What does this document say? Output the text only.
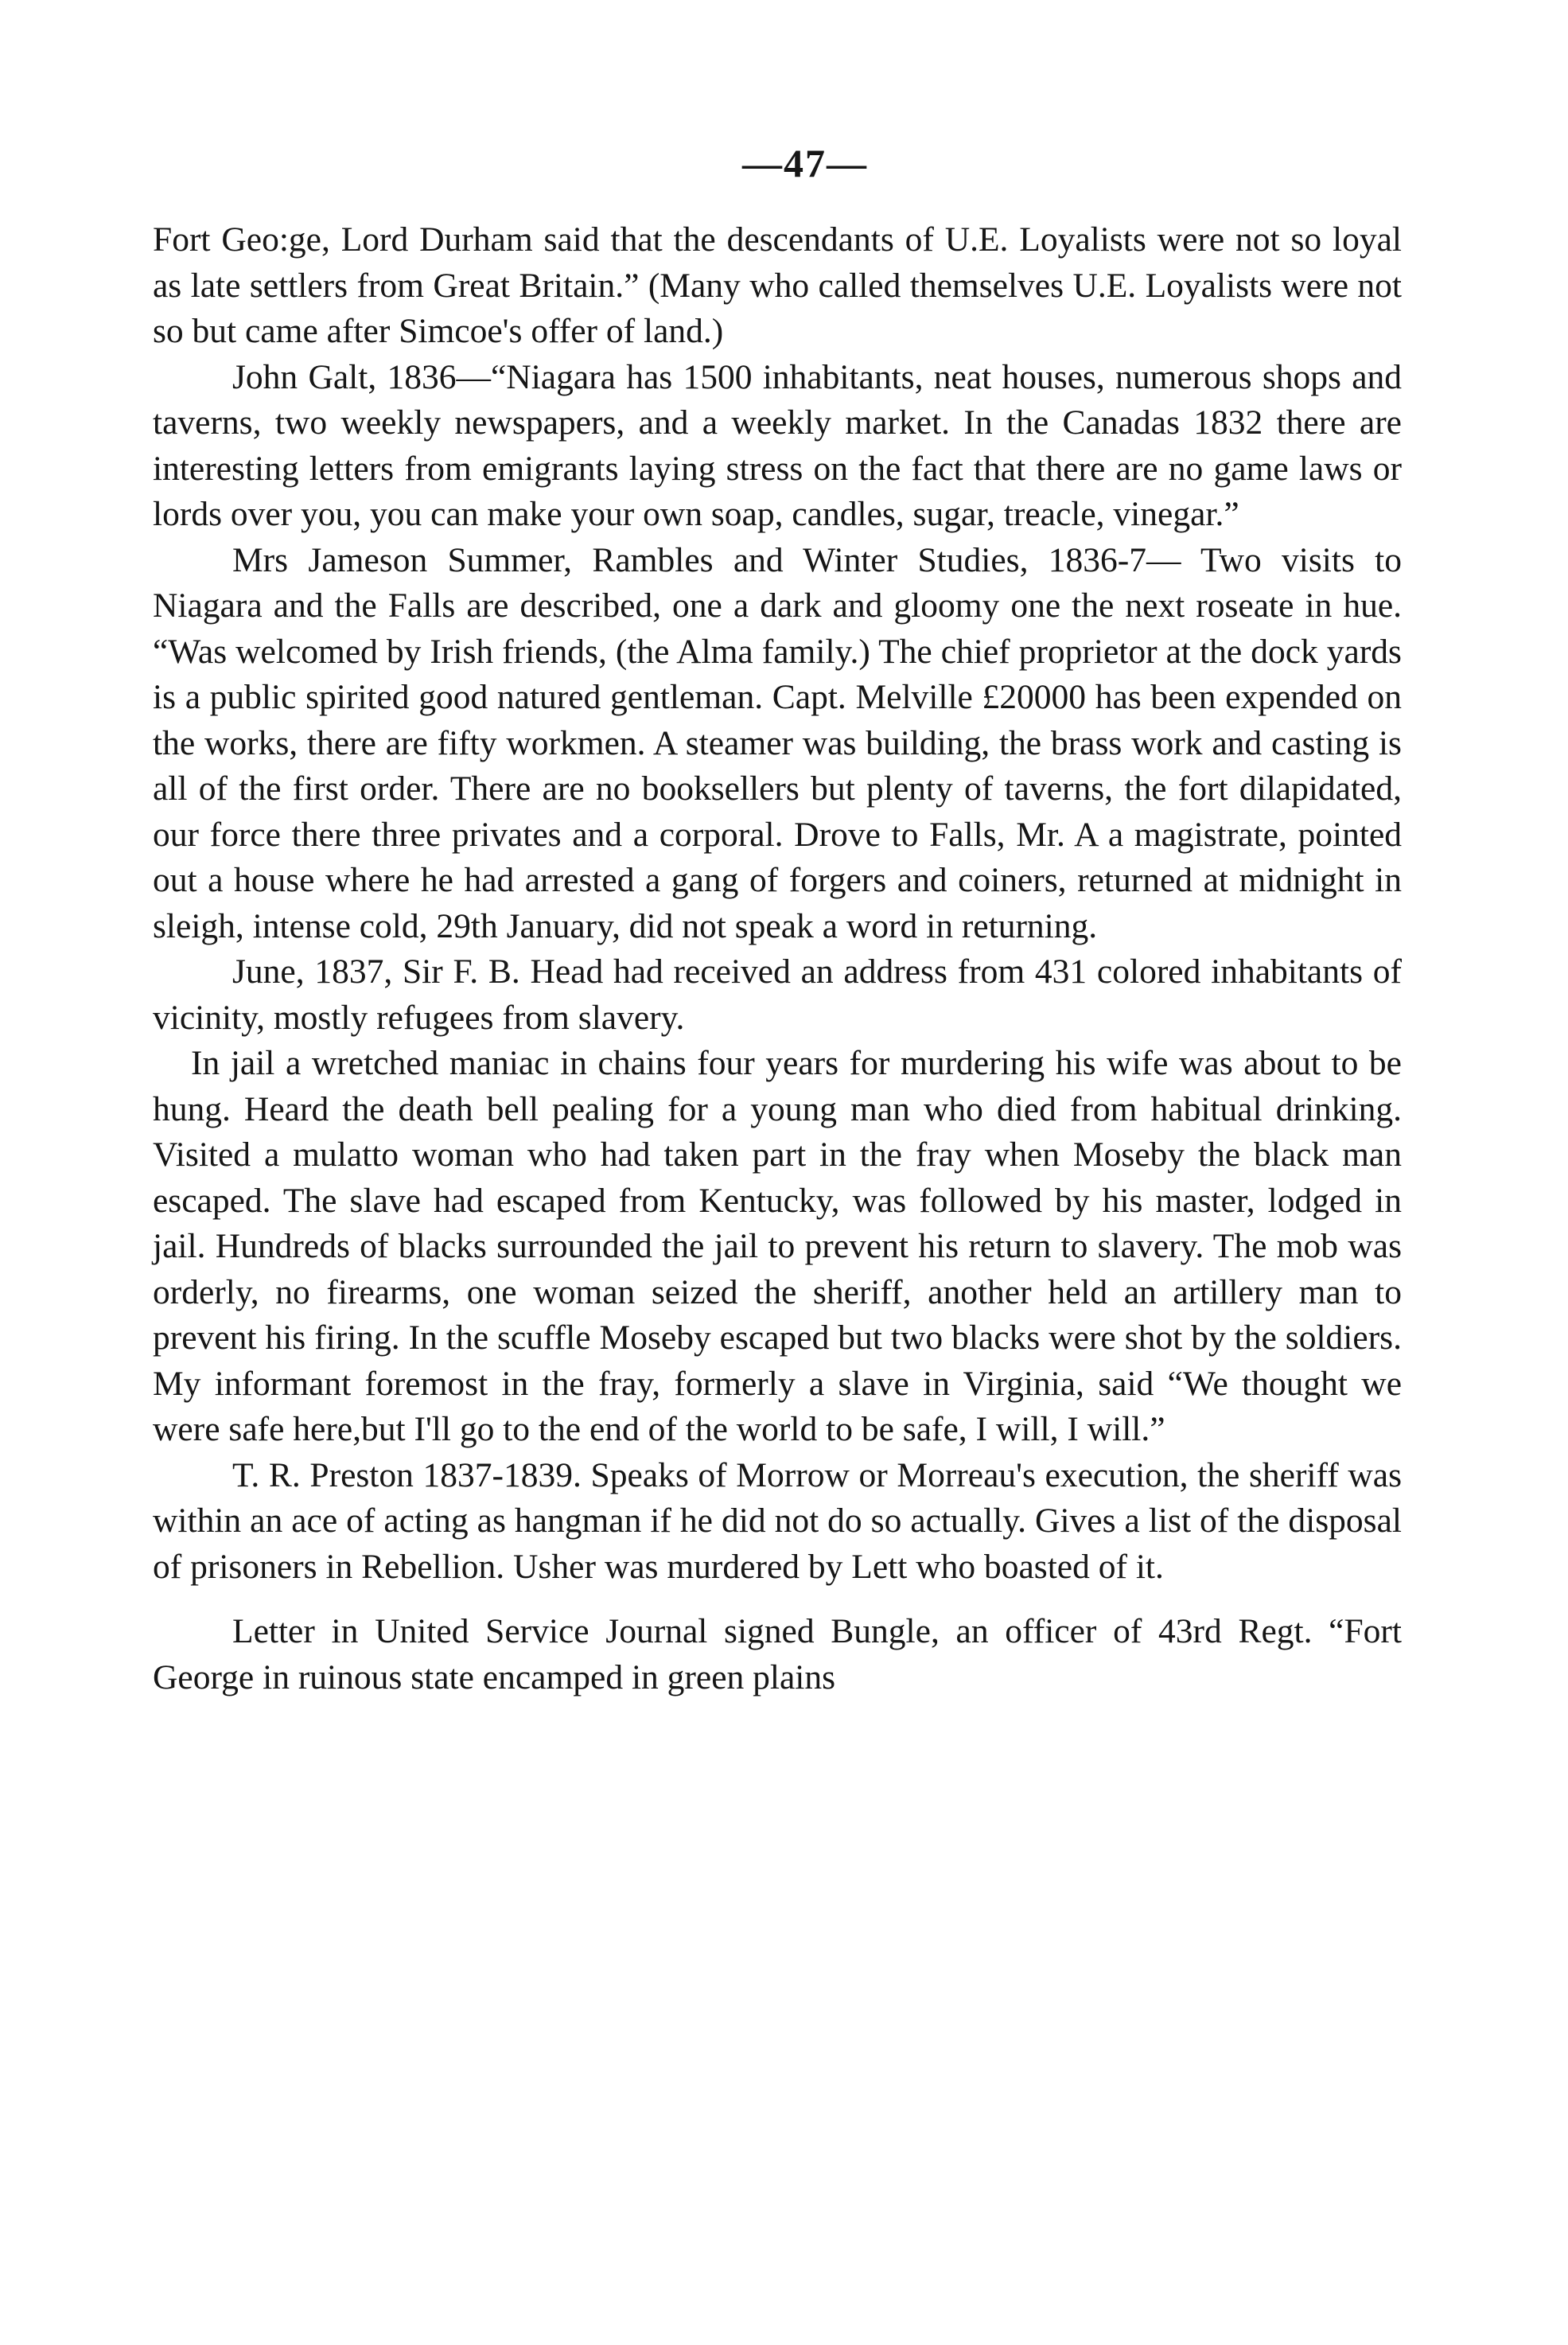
—47—

Fort Geo:ge, Lord Durham said that the descendants of U.E. Loyalists were not so loyal as late settlers from Great Britain.” (Many who called themselves U.E. Loyalists were not so but came after Simcoe's offer of land.)

John Galt, 1836—“Niagara has 1500 inhabitants, neat houses, numerous shops and taverns, two weekly newspapers, and a weekly market. In the Canadas 1832 there are interesting letters from emigrants laying stress on the fact that there are no game laws or lords over you, you can make your own soap, candles, sugar, treacle, vinegar.”

Mrs Jameson Summer, Rambles and Winter Studies, 1836-7— Two visits to Niagara and the Falls are described, one a dark and gloomy one the next roseate in hue. “Was welcomed by Irish friends, (the Alma family.) The chief proprietor at the dock yards is a public spirited good natured gentleman. Capt. Melville £20000 has been expended on the works, there are fifty workmen. A steamer was building, the brass work and casting is all of the first order. There are no booksellers but plenty of taverns, the fort dilapidated, our force there three privates and a corporal. Drove to Falls, Mr. A a magistrate, pointed out a house where he had arrested a gang of forgers and coiners, returned at midnight in sleigh, intense cold, 29th January, did not speak a word in returning.

June, 1837, Sir F. B. Head had received an address from 431 colored inhabitants of vicinity, mostly refugees from slavery.

In jail a wretched maniac in chains four years for murdering his wife was about to be hung. Heard the death bell pealing for a young man who died from habitual drinking. Visited a mulatto woman who had taken part in the fray when Moseby the black man escaped. The slave had escaped from Kentucky, was followed by his master, lodged in jail. Hundreds of blacks surrounded the jail to prevent his return to slavery. The mob was orderly, no firearms, one woman seized the sheriff, another held an artillery man to prevent his firing. In the scuffle Moseby escaped but two blacks were shot by the soldiers. My informant foremost in the fray, formerly a slave in Virginia, said “We thought we were safe here,but I'll go to the end of the world to be safe, I will, I will.”

T. R. Preston 1837-1839. Speaks of Morrow or Morreau's execution, the sheriff was within an ace of acting as hangman if he did not do so actually. Gives a list of the disposal of prisoners in Rebellion. Usher was murdered by Lett who boasted of it.

Letter in United Service Journal signed Bungle, an officer of 43rd Regt. “Fort George in ruinous state encamped in green plains
